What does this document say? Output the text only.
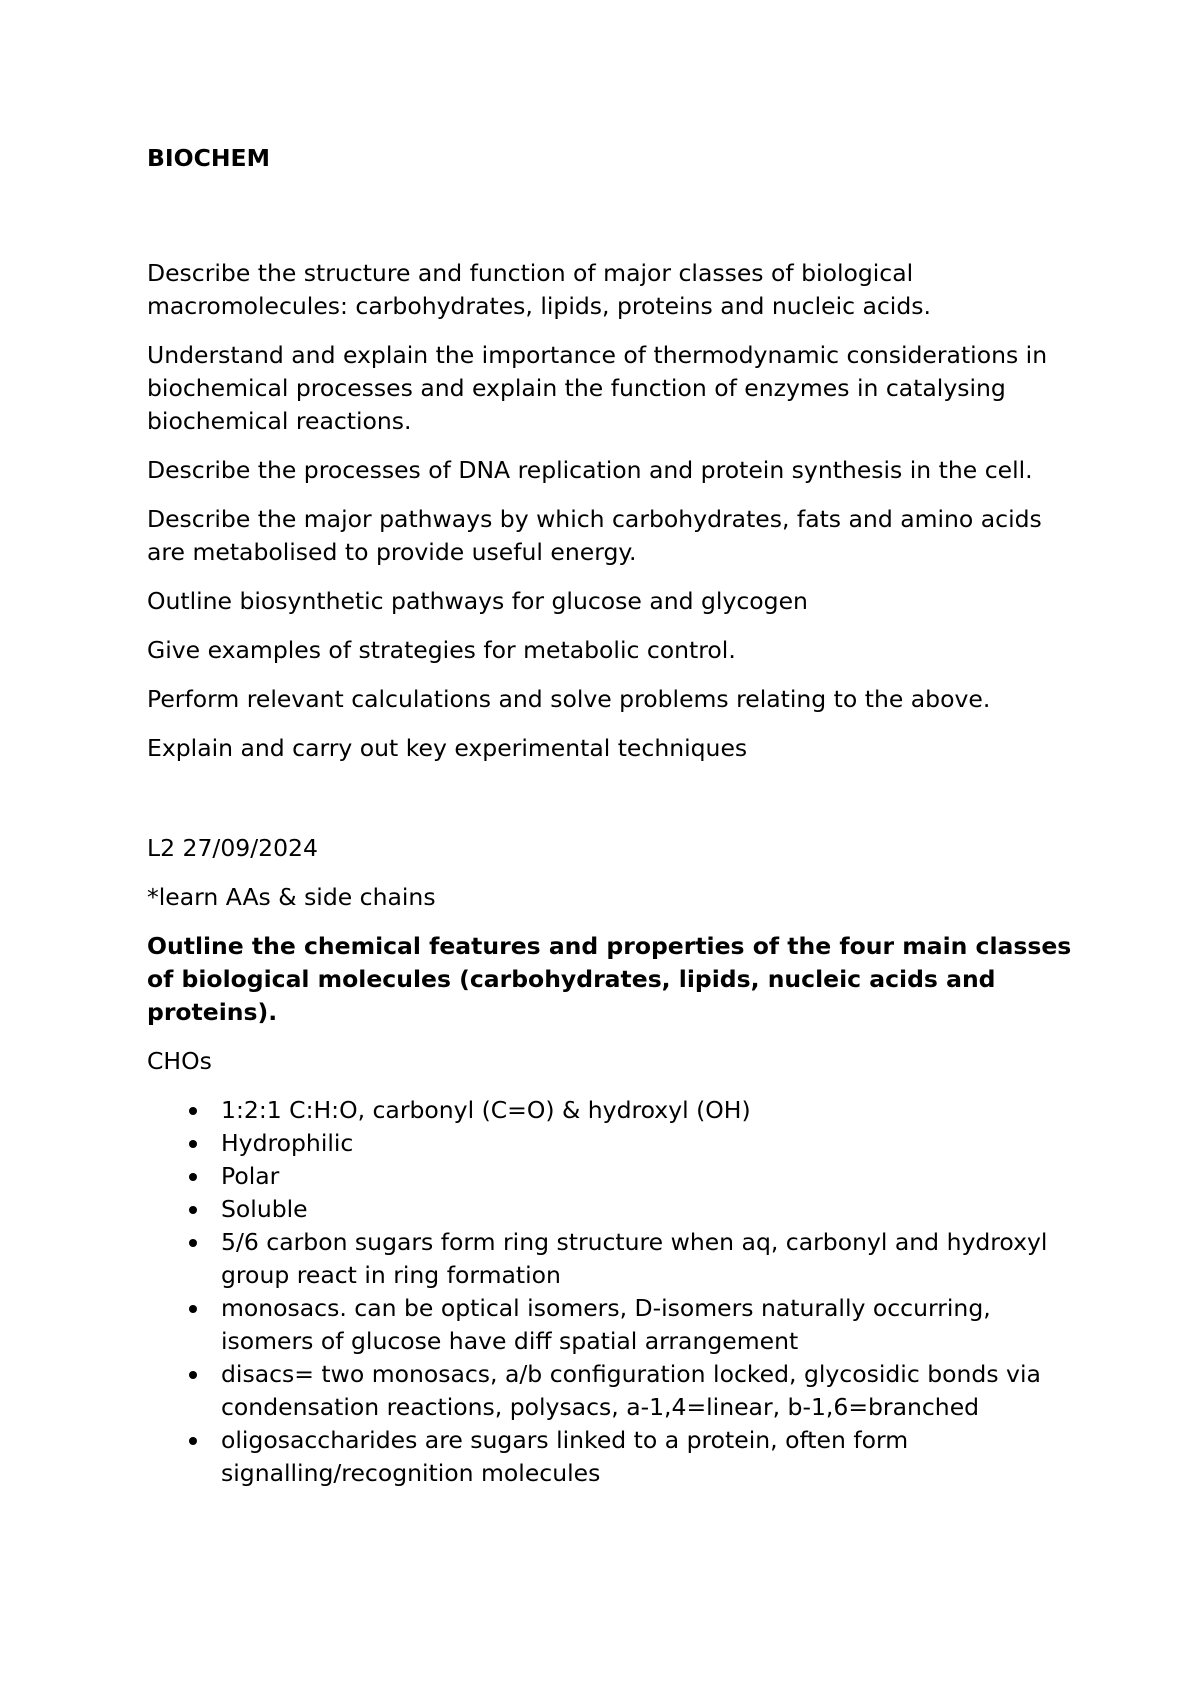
BIOCHEM

Describe the structure and function of major classes of biological macromolecules: carbohydrates, lipids, proteins and nucleic acids.

Understand and explain the importance of thermodynamic considerations in biochemical processes and explain the function of enzymes in catalysing biochemical reactions.

Describe the processes of DNA replication and protein synthesis in the cell.

Describe the major pathways by which carbohydrates, fats and amino acids are metabolised to provide useful energy.

Outline biosynthetic pathways for glucose and glycogen

Give examples of strategies for metabolic control.

Perform relevant calculations and solve problems relating to the above.

Explain and carry out key experimental techniques

L2 27/09/2024

*learn AAs & side chains

Outline the chemical features and properties of the four main classes of biological molecules (carbohydrates, lipids, nucleic acids and proteins).

CHOs

1:2:1 C:H:O, carbonyl (C=O) & hydroxyl (OH)
Hydrophilic
Polar
Soluble
5/6 carbon sugars form ring structure when aq, carbonyl and hydroxyl group react in ring formation
monosacs. can be optical isomers, D-isomers naturally occurring, isomers of glucose have diff spatial arrangement
disacs= two monosacs, a/b configuration locked, glycosidic bonds via condensation reactions, polysacs, a-1,4=linear, b-1,6=branched
oligosaccharides are sugars linked to a protein, often form signalling/recognition molecules
